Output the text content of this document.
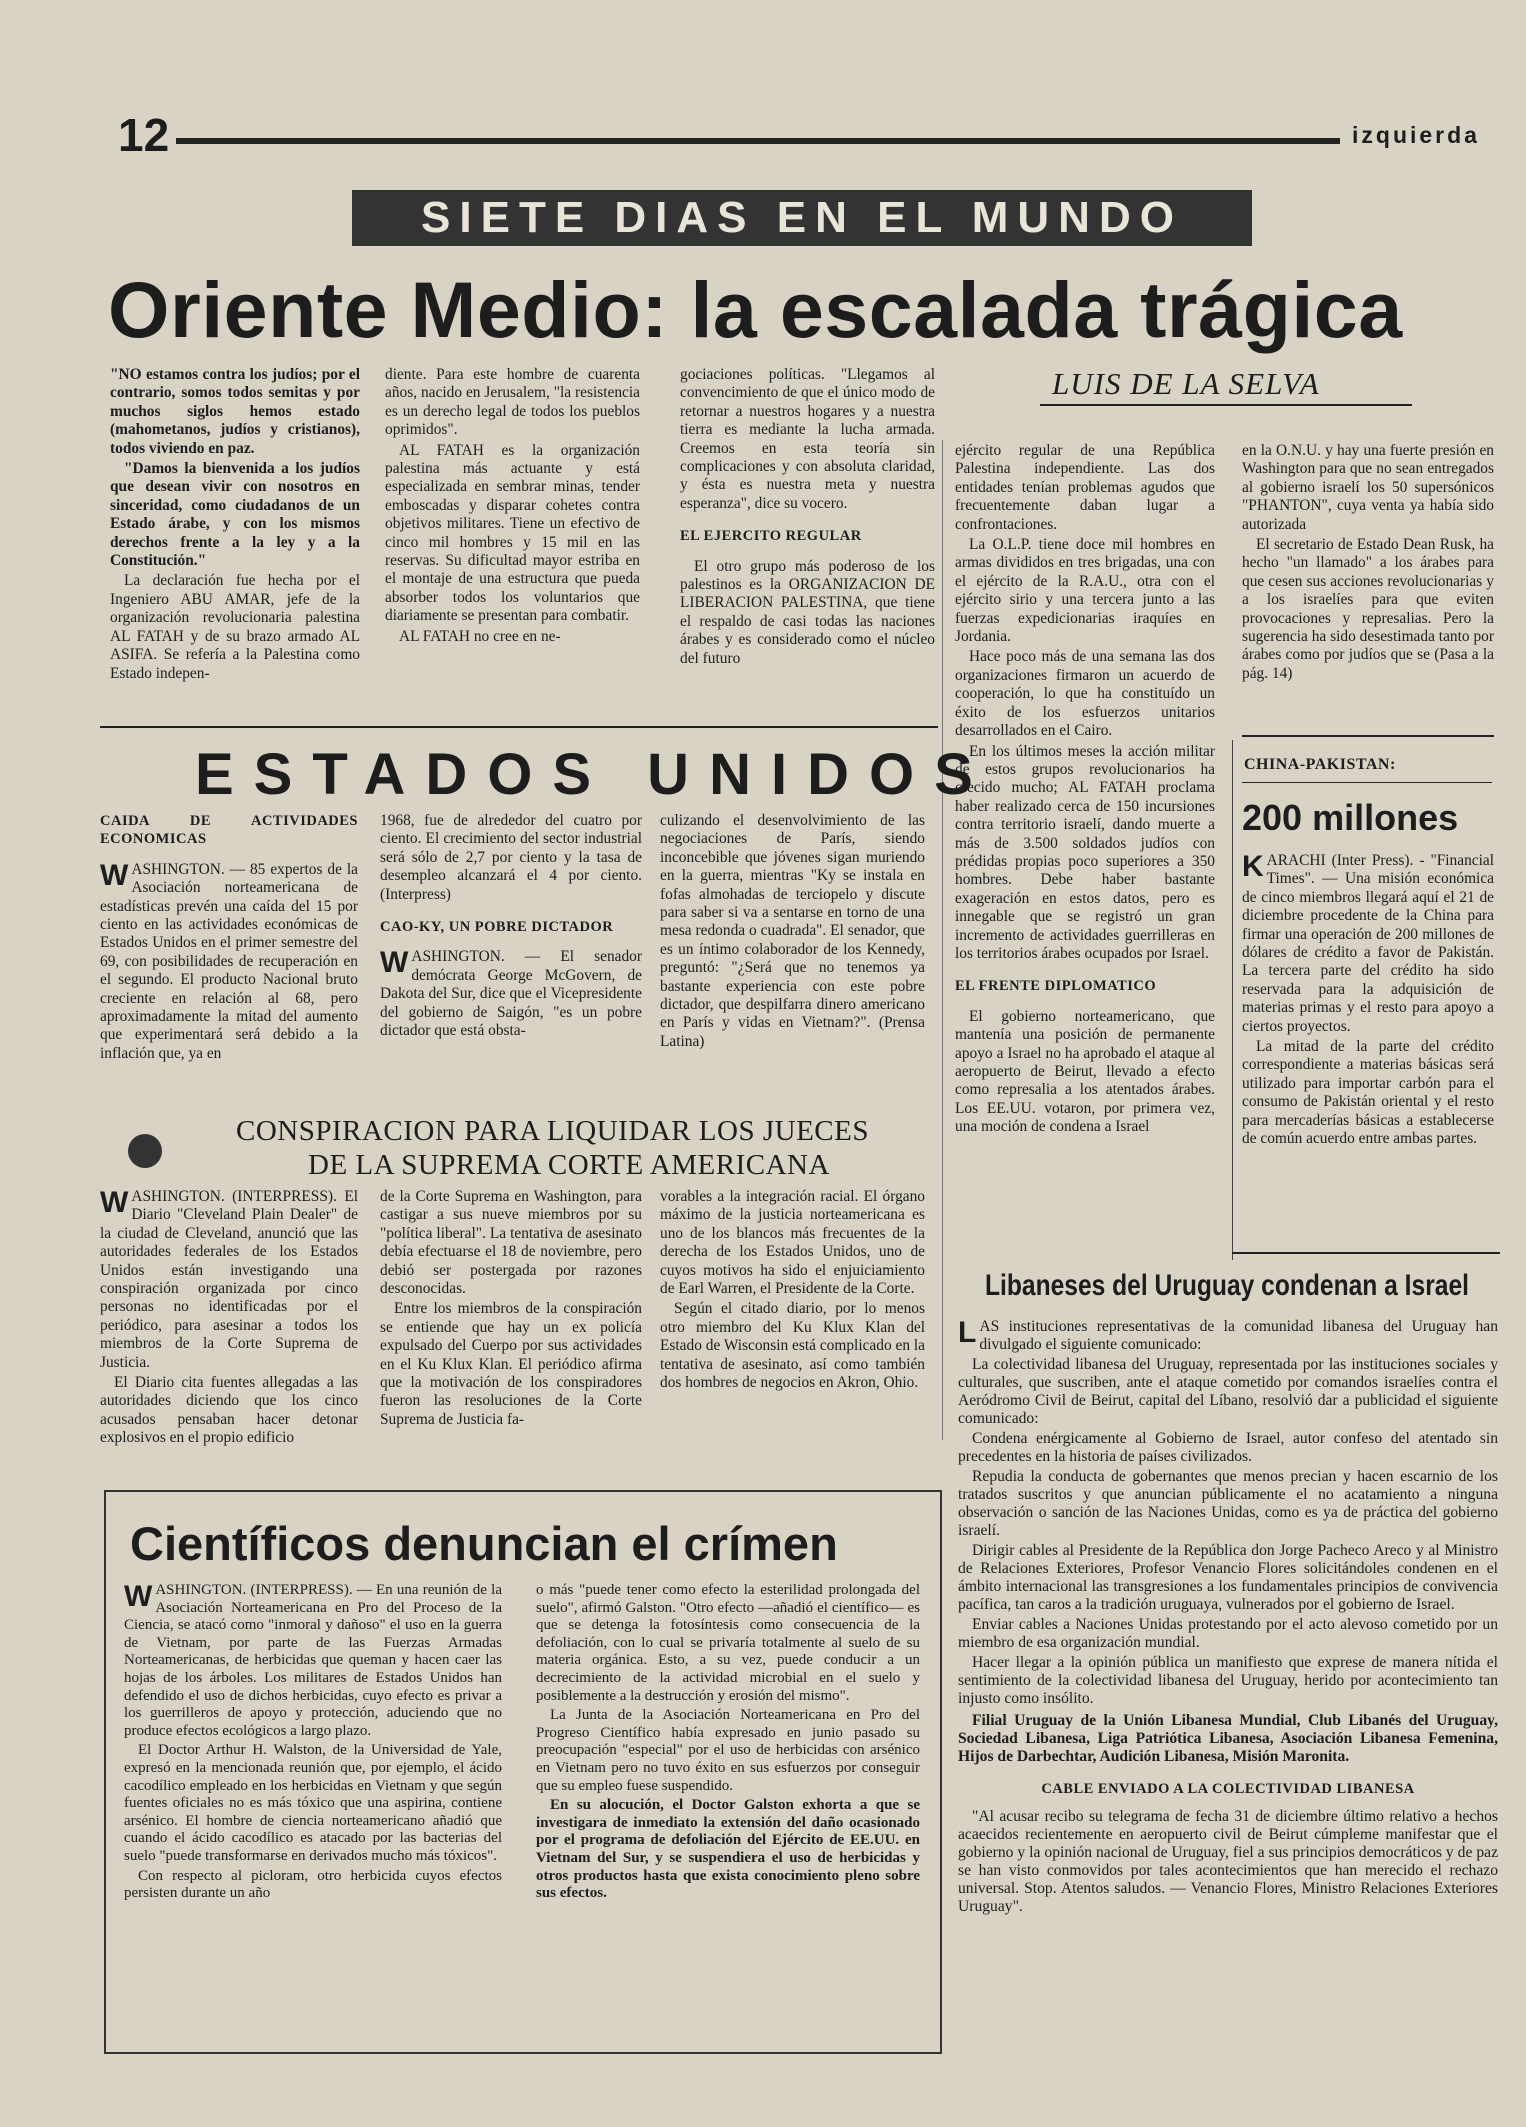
12	izquierda
SIETE DIAS EN EL MUNDO
Oriente Medio: la escalada trágica
LUIS DE LA SELVA

"NO estamos contra los judíos; por el contrario, somos todos semitas y por muchos siglos hemos estado (mahometanos, judíos y cristianos), todos viviendo en paz.

"Damos la bienvenida a los judíos que desean vivir con nosotros en sinceridad, como ciudadanos de un Estado árabe, y con los mismos derechos frente a la ley y a la Constitución."

La declaración fue hecha por el Ingeniero ABU AMAR, jefe de la organización revolucionaria palestina AL FATAH y de su brazo armado AL ASIFA. Se refería a la Palestina como Estado indepen-

diente. Para este hombre de cuarenta años, nacido en Jerusalem, "la resistencia es un derecho legal de todos los pueblos oprimidos".

AL FATAH es la organización palestina más actuante y está especializada en sembrar minas, tender emboscadas y disparar cohetes contra objetivos militares. Tiene un efectivo de cinco mil hombres y 15 mil en las reservas. Su dificultad mayor estriba en el montaje de una estructura que pueda absorber todos los voluntarios que diariamente se presentan para combatir.

AL FATAH no cree en ne-

gociaciones políticas. "Llegamos al convencimiento de que el único modo de retornar a nuestros hogares y a nuestra tierra es mediante la lucha armada. Creemos en esta teoría sin complicaciones y con absoluta claridad, y ésta es nuestra meta y nuestra esperanza", dice su vocero.

EL EJERCITO REGULAR

El otro grupo más poderoso de los palestinos es la ORGANIZACION DE LIBERACION PALESTINA, que tiene el respaldo de casi todas las naciones árabes y es considerado como el núcleo del futuro

ejército regular de una República Palestina independiente. Las dos entidades tenían problemas agudos que frecuentemente daban lugar a confrontaciones.

La O.L.P. tiene doce mil hombres en armas divididos en tres brigadas, una con el ejército de la R.A.U., otra con el ejército sirio y una tercera junto a las fuerzas expedicionarias iraquíes en Jordania.

Hace poco más de una semana las dos organizaciones firmaron un acuerdo de cooperación, lo que ha constituído un éxito de los esfuerzos unitarios desarrollados en el Cairo.

En los últimos meses la acción militar de estos grupos revolucionarios ha crecido mucho; AL FATAH proclama haber realizado cerca de 150 incursiones contra territorio israelí, dando muerte a más de 3.500 soldados judíos con prédidas propias poco superiores a 350 hombres. Debe haber bastante exageración en estos datos, pero es innegable que se registró un gran incremento de actividades guerrilleras en los territorios árabes ocupados por Israel.

EL FRENTE DIPLOMATICO

El gobierno norteamericano, que mantenía una posición de permanente apoyo a Israel no ha aprobado el ataque al aeropuerto de Beirut, llevado a efecto como represalia a los atentados árabes. Los EE.UU. votaron, por primera vez, una moción de condena a Israel

en la O.N.U. y hay una fuerte presión en Washington para que no sean entregados al gobierno israelí los 50 supersónicos "PHANTON", cuya venta ya había sido autorizada

El secretario de Estado Dean Rusk, ha hecho "un llamado" a los árabes para que cesen sus acciones revolucionarias y a los israelíes para que eviten provocaciones y represalias. Pero la sugerencia ha sido desestimada tanto por árabes como por judíos que se (Pasa a la pág. 14)

ESTADOS UNIDOS

CAIDA DE ACTIVIDADES ECONOMICAS

WASHINGTON. — 85 expertos de la Asociación norteamericana de estadísticas prevén una caída del 15 por ciento en las actividades económicas de Estados Unidos en el primer semestre del 69, con posibilidades de recuperación en el segundo. El producto Nacional bruto creciente en relación al 68, pero aproximadamente la mitad del aumento que experimentará será debido a la inflación que, ya en

1968, fue de alrededor del cuatro por ciento. El crecimiento del sector industrial será sólo de 2,7 por ciento y la tasa de desempleo alcanzará el 4 por ciento. (Interpress)

CAO-KY, UN POBRE DICTADOR

WASHINGTON. — El senador demócrata George McGovern, de Dakota del Sur, dice que el Vicepresidente del gobierno de Saigón, "es un pobre dictador que está obsta-

culizando el desenvolvimiento de las negociaciones de París, siendo inconcebible que jóvenes sigan muriendo en la guerra, mientras "Ky se instala en fofas almohadas de terciopelo y discute para saber si va a sentarse en torno de una mesa redonda o cuadrada". El senador, que es un íntimo colaborador de los Kennedy, preguntó: "¿Será que no tenemos ya bastante experiencia con este pobre dictador, que despilfarra dinero americano en París y vidas en Vietnam?". (Prensa Latina)

CONSPIRACION PARA LIQUIDAR LOS JUECES
DE LA SUPREMA CORTE AMERICANA

WASHINGTON. (INTERPRESS). El Diario "Cleveland Plain Dealer" de la ciudad de Cleveland, anunció que las autoridades federales de los Estados Unidos están investigando una conspiración organizada por cinco personas no identificadas por el periódico, para asesinar a todos los miembros de la Corte Suprema de Justicia.

El Diario cita fuentes allegadas a las autoridades diciendo que los cinco acusados pensaban hacer detonar explosivos en el propio edificio

de la Corte Suprema en Washington, para castigar a sus nueve miembros por su "política liberal". La tentativa de asesinato debía efectuarse el 18 de noviembre, pero debió ser postergada por razones desconocidas.

Entre los miembros de la conspiración se entiende que hay un ex policía expulsado del Cuerpo por sus actividades en el Ku Klux Klan. El periódico afirma que la motivación de los conspiradores fueron las resoluciones de la Corte Suprema de Justicia fa-

vorables a la integración racial. El órgano máximo de la justicia norteamericana es uno de los blancos más frecuentes de la derecha de los Estados Unidos, uno de cuyos motivos ha sido el enjuiciamiento de Earl Warren, el Presidente de la Corte.

Según el citado diario, por lo menos otro miembro del Ku Klux Klan del Estado de Wisconsin está complicado en la tentativa de asesinato, así como también dos hombres de negocios en Akron, Ohio.

Científicos denuncian el crímen

WASHINGTON. (INTERPRESS). — En una reunión de la Asociación Norteamericana en Pro del Proceso de la Ciencia, se atacó como "inmoral y dañoso" el uso en la guerra de Vietnam, por parte de las Fuerzas Armadas Norteamericanas, de herbicidas que queman y hacen caer las hojas de los árboles. Los militares de Estados Unidos han defendido el uso de dichos herbicidas, cuyo efecto es privar a los guerrilleros de apoyo y protección, aduciendo que no produce efectos ecológicos a largo plazo.

El Doctor Arthur H. Walston, de la Universidad de Yale, expresó en la mencionada reunión que, por ejemplo, el ácido cacodílico empleado en los herbicidas en Vietnam y que según fuentes oficiales no es más tóxico que una aspirina, contiene arsénico. El hombre de ciencia norteamericano añadió que cuando el ácido cacodílico es atacado por las bacterias del suelo "puede transformarse en derivados mucho más tóxicos".

Con respecto al picloram, otro herbicida cuyos efectos persisten durante un año

o más "puede tener como efecto la esterilidad prolongada del suelo", afirmó Galston. "Otro efecto —añadió el científico— es que se detenga la fotosíntesis como consecuencia de la defoliación, con lo cual se privaría totalmente al suelo de su materia orgánica. Esto, a su vez, puede conducir a un decrecimiento de la actividad microbial en el suelo y posiblemente a la destrucción y erosión del mismo".

La Junta de la Asociación Norteamericana en Pro del Progreso Científico había expresado en junio pasado su preocupación "especial" por el uso de herbicidas con arsénico en Vietnam pero no tuvo éxito en sus esfuerzos por conseguir que su empleo fuese suspendido.

En su alocución, el Doctor Galston exhorta a que se investigara de inmediato la extensión del daño ocasionado por el programa de defoliación del Ejército de EE.UU. en Vietnam del Sur, y se suspendiera el uso de herbicidas y otros productos hasta que exista conocimiento pleno sobre sus efectos.

CHINA-PAKISTAN:
200 millones

KARACHI (Inter Press). - "Financial Times". — Una misión económica de cinco miembros llegará aquí el 21 de diciembre procedente de la China para firmar una operación de 200 millones de dólares de crédito a favor de Pakistán. La tercera parte del crédito ha sido reservada para la adquisición de materias primas y el resto para apoyo a ciertos proyectos.

La mitad de la parte del crédito correspondiente a materias básicas será utilizado para importar carbón para el consumo de Pakistán oriental y el resto para mercaderías básicas a establecerse de común acuerdo entre ambas partes.

Libaneses del Uruguay condenan a Israel

LAS instituciones representativas de la comunidad libanesa del Uruguay han divulgado el siguiente comunicado:

La colectividad libanesa del Uruguay, representada por las instituciones sociales y culturales, que suscriben, ante el ataque cometido por comandos israelíes contra el Aeródromo Civil de Beirut, capital del Líbano, resolvió dar a publicidad el siguiente comunicado:

Condena enérgicamente al Gobierno de Israel, autor confeso del atentado sin precedentes en la historia de países civilizados.

Repudia la conducta de gobernantes que menos precian y hacen escarnio de los tratados suscritos y que anuncian públicamente el no acatamiento a ninguna observación o sanción de las Naciones Unidas, como es ya de práctica del gobierno israelí.

Dirigir cables al Presidente de la República don Jorge Pacheco Areco y al Ministro de Relaciones Exteriores, Profesor Venancio Flores solicitándoles condenen en el ámbito internacional las transgresiones a los fundamentales principios de convivencia pacífica, tan caros a la tradición uruguaya, vulnerados por el gobierno de Israel.

Enviar cables a Naciones Unidas protestando por el acto alevoso cometido por un miembro de esa organización mundial.

Hacer llegar a la opinión pública un manifiesto que exprese de manera nítida el sentimiento de la colectividad libanesa del Uruguay, herido por acontecimiento tan injusto como insólito.

Filial Uruguay de la Unión Libanesa Mundial, Club Libanés del Uruguay, Sociedad Libanesa, Liga Patriótica Libanesa, Asociación Libanesa Femenina, Hijos de Darbechtar, Audición Libanesa, Misión Maronita.

CABLE ENVIADO A LA COLECTIVIDAD LIBANESA

"Al acusar recibo su telegrama de fecha 31 de diciembre último relativo a hechos acaecidos recientemente en aeropuerto civil de Beirut cúmpleme manifestar que el gobierno y la opinión nacional de Uruguay, fiel a sus principios democráticos y de paz se han visto conmovidos por tales acontecimientos que han merecido el rechazo universal. Stop. Atentos saludos. — Venancio Flores, Ministro Relaciones Exteriores Uruguay".
